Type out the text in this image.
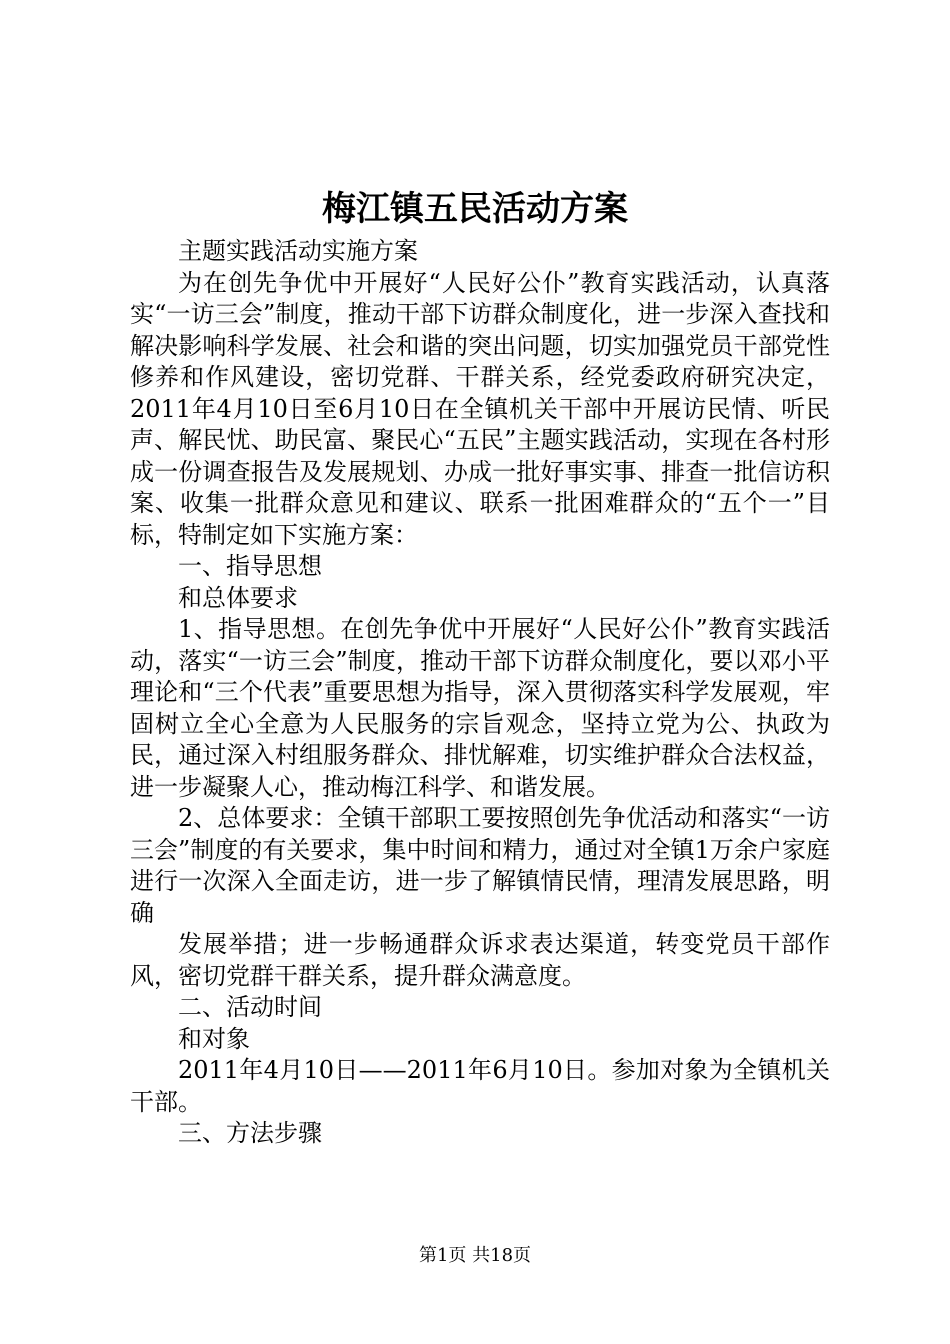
梅江镇五民活动方案

主题实践活动实施方案

为在创先争优中开展好“人民好公仆”教育实践活动，认真落实“一访三会”制度，推动干部下访群众制度化，进一步深入查找和解决影响科学发展、社会和谐的突出问题，切实加强党员干部党性修养和作风建设，密切党群、干群关系，经党委政府研究决定，2011年4月10日至6月10日在全镇机关干部中开展访民情、听民声、解民忧、助民富、聚民心“五民”主题实践活动，实现在各村形成一份调查报告及发展规划、办成一批好事实事、排查一批信访积案、收集一批群众意见和建议、联系一批困难群众的“五个一”目标，特制定如下实施方案：

一、指导思想

和总体要求

1、指导思想。在创先争优中开展好“人民好公仆”教育实践活动，落实“一访三会”制度，推动干部下访群众制度化，要以邓小平理论和“三个代表”重要思想为指导，深入贯彻落实科学发展观，牢固树立全心全意为人民服务的宗旨观念，坚持立党为公、执政为民，通过深入村组服务群众、排忧解难，切实维护群众合法权益，进一步凝聚人心，推动梅江科学、和谐发展。

2、总体要求：全镇干部职工要按照创先争优活动和落实“一访三会”制度的有关要求，集中时间和精力，通过对全镇1万余户家庭进行一次深入全面走访，进一步了解镇情民情，理清发展思路，明确

发展举措；进一步畅通群众诉求表达渠道，转变党员干部作风，密切党群干群关系，提升群众满意度。

二、活动时间

和对象

2011年4月10日——2011年6月10日。参加对象为全镇机关干部。

三、方法步骤

第1页 共18页
